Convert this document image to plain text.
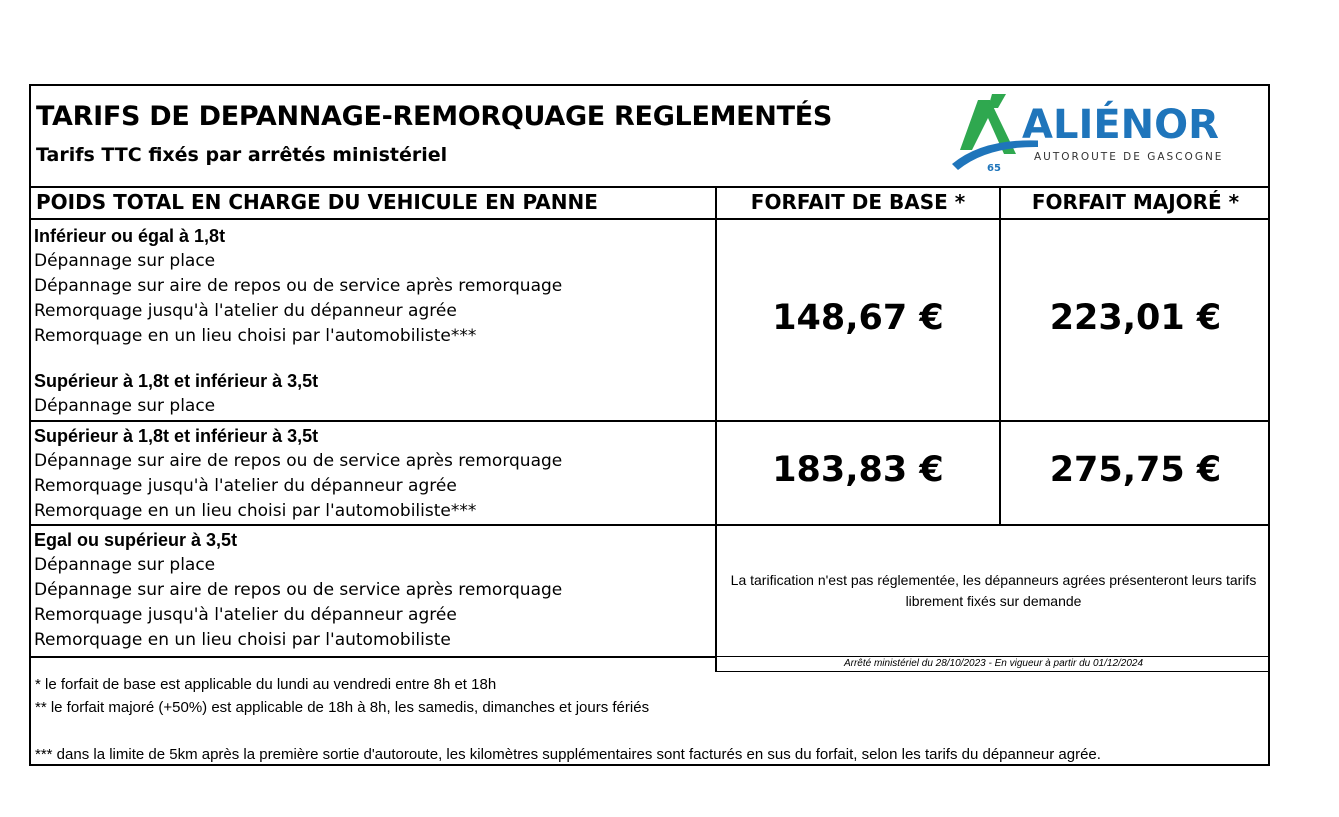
TARIFS DE DEPANNAGE-REMORQUAGE REGLEMENTÉS
Tarifs TTC fixés par arrêtés ministériel
ALIÉNOR
AUTOROUTE DE GASCOGNE
65
POIDS TOTAL EN CHARGE DU VEHICULE EN PANNE	FORFAIT DE BASE *	FORFAIT MAJORÉ *
Inférieur ou égal à 1,8t
Dépannage sur place
Dépannage sur aire de repos ou de service après remorquage
Remorquage jusqu'à l'atelier du dépanneur agrée
Remorquage en un lieu choisi par l'automobiliste***
Supérieur à 1,8t et inférieur à 3,5t
Dépannage sur place
148,67 €	223,01 €
Supérieur à 1,8t et inférieur à 3,5t
Dépannage sur aire de repos ou de service après remorquage
Remorquage jusqu'à l'atelier du dépanneur agrée
Remorquage en un lieu choisi par l'automobiliste***
183,83 €	275,75 €
Egal ou supérieur à 3,5t
Dépannage sur place
Dépannage sur aire de repos ou de service après remorquage
Remorquage jusqu'à l'atelier du dépanneur agrée
Remorquage en un lieu choisi par l'automobiliste
La tarification n'est pas réglementée, les dépanneurs agrées présenteront leurs tarifs librement fixés sur demande
Arrêté ministériel du 28/10/2023 - En vigueur à partir du 01/12/2024
* le forfait de base est applicable du lundi au vendredi entre 8h et 18h
** le forfait majoré (+50%) est applicable de 18h à 8h, les samedis, dimanches et jours fériés
*** dans la limite de 5km après la première sortie d'autoroute, les kilomètres supplémentaires sont facturés en sus du forfait, selon les tarifs du dépanneur agrée.
